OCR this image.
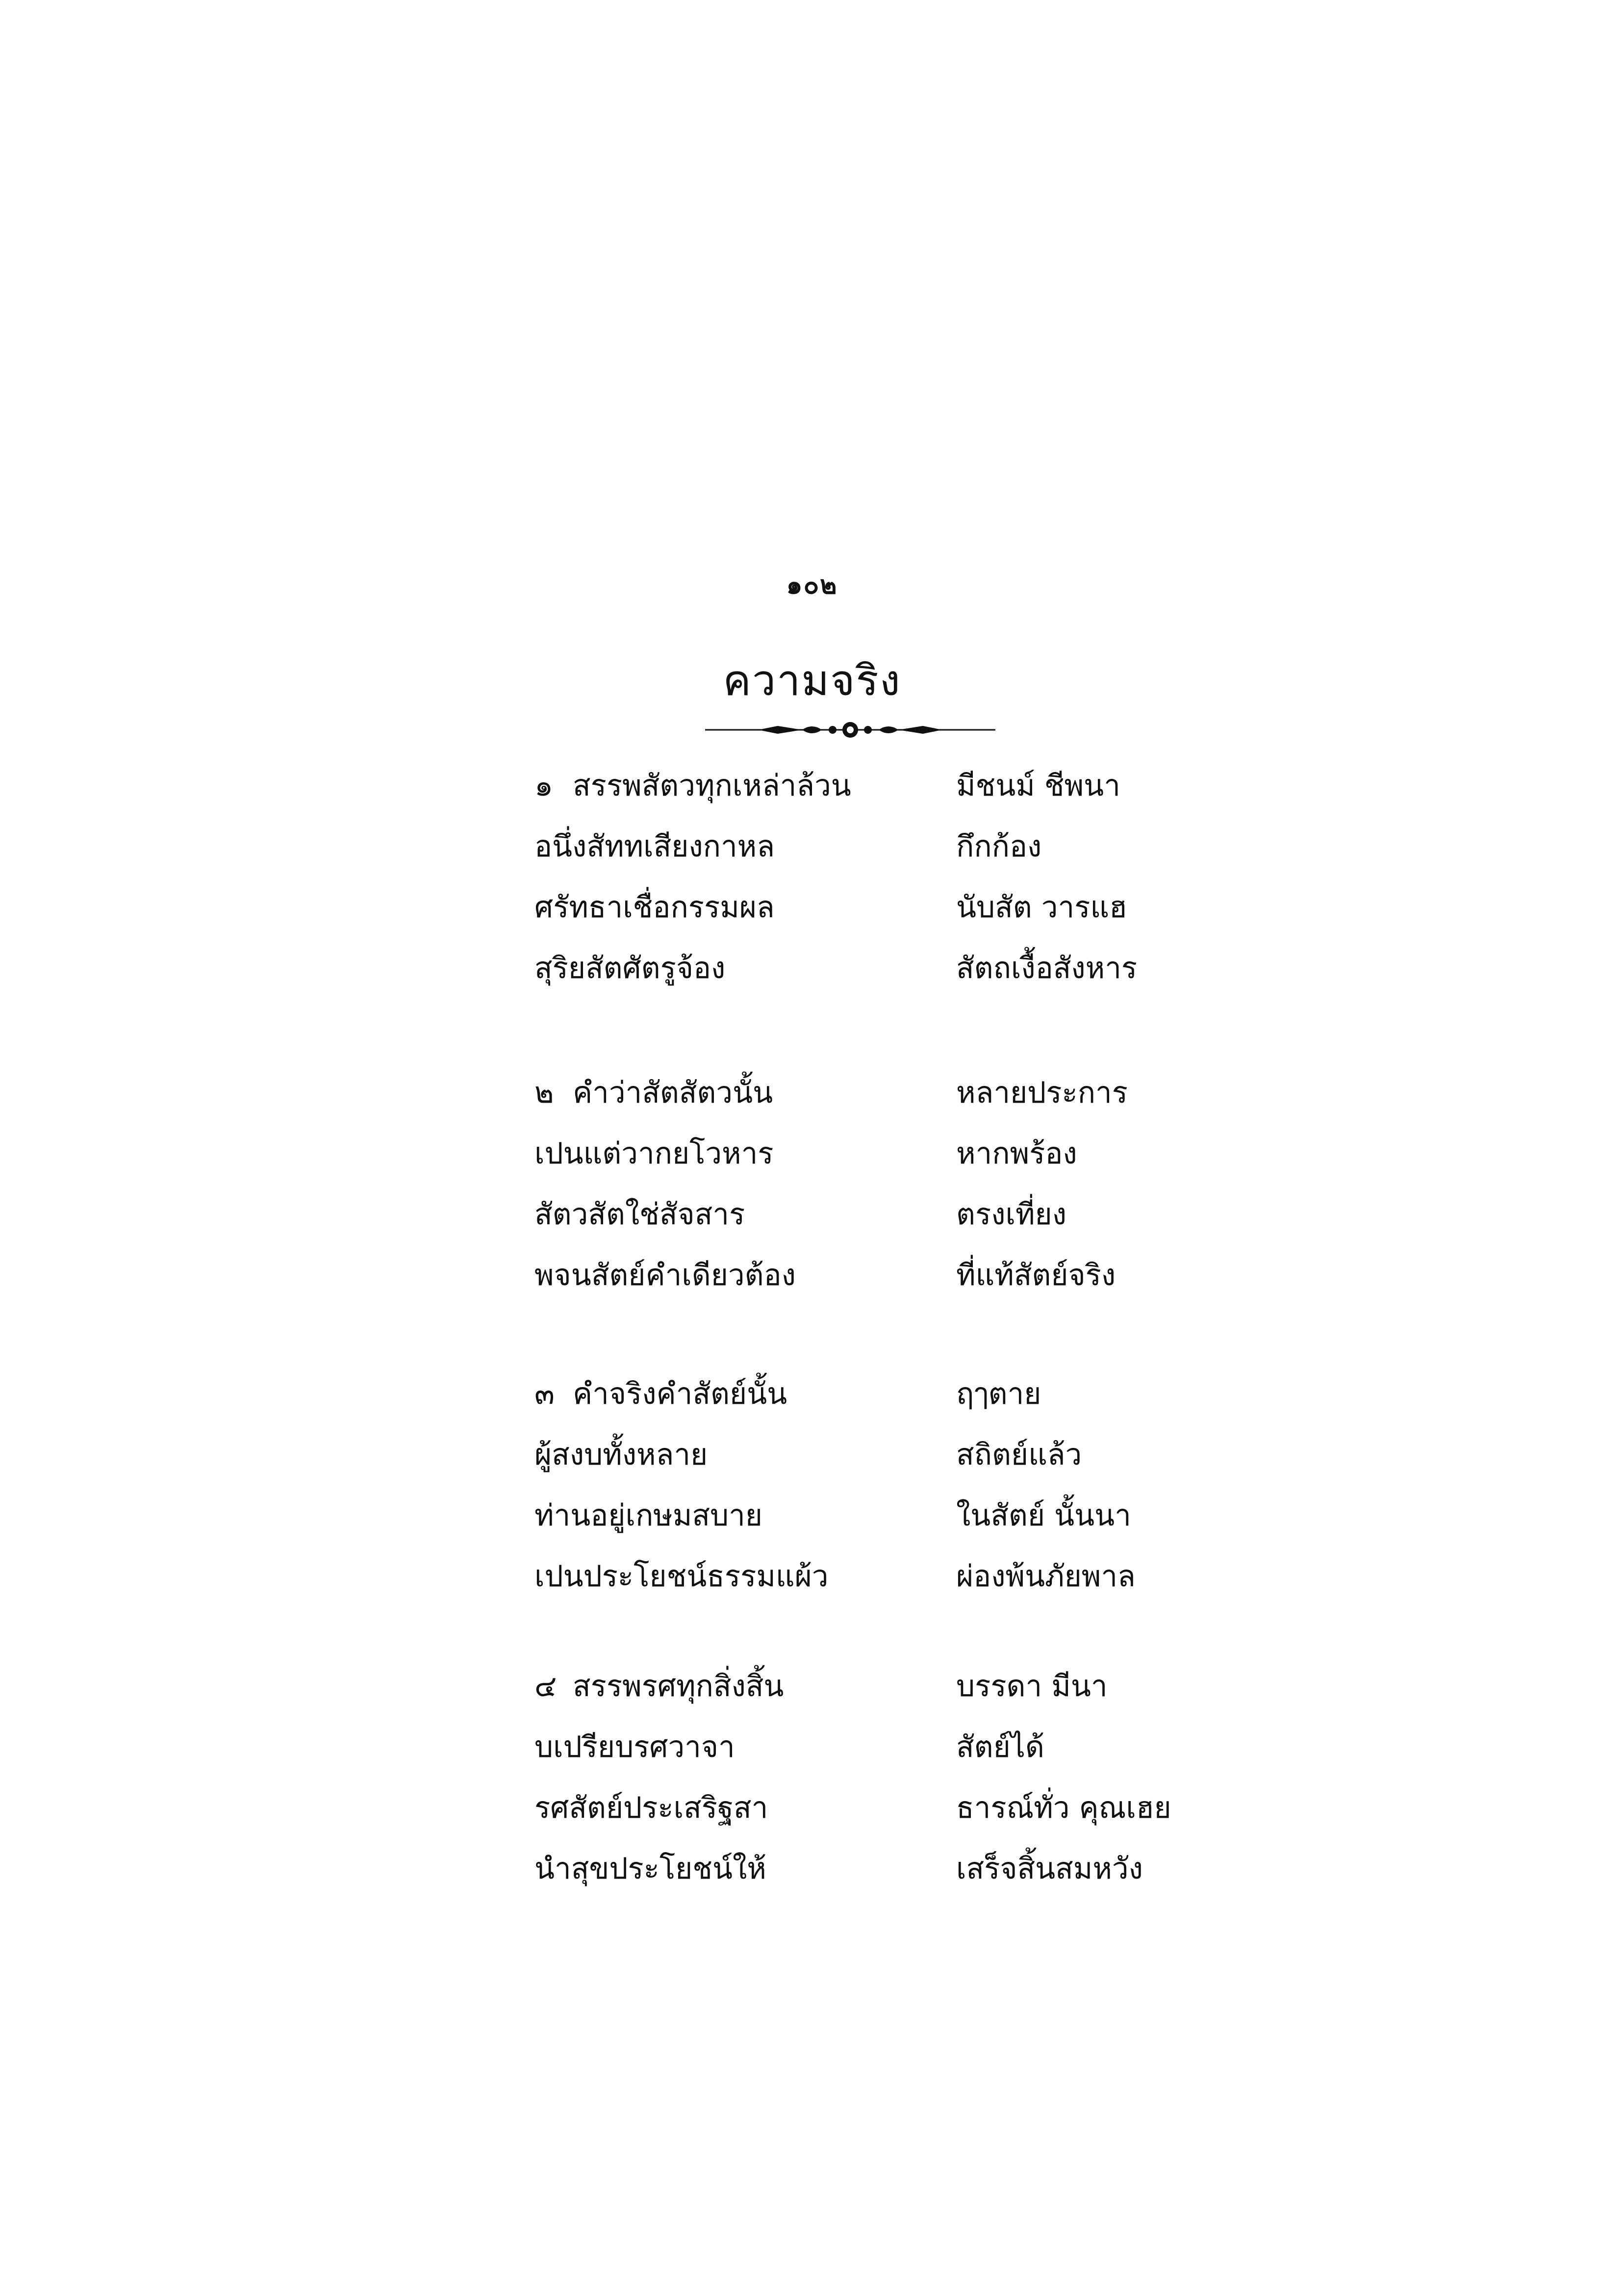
๑๐๒
ความจริง
๑ สรรพสัตวทุกเหล่าล้วน	มีชนม์ ชีพนา
อนึ่งสัททเสียงกาหล	กึกก้อง
ศรัทธาเชื่อกรรมผล	นับสัต วารแฮ
สุริยสัตศัตรูจ้อง	สัตถเงื้อสังหาร
๒ คำว่าสัตสัตวนั้น	หลายประการ
เปนแต่วากยโวหาร	หากพร้อง
สัตวสัตใช่สัจสาร	ตรงเที่ยง
พจนสัตย์คำเดียวต้อง	ที่แท้สัตย์จริง
๓ คำจริงคำสัตย์นั้น	ฤๅตาย
ผู้สงบทั้งหลาย	สถิตย์แล้ว
ท่านอยู่เกษมสบาย	ในสัตย์ นั้นนา
เปนประโยชน์ธรรมแผ้ว	ผ่องพ้นภัยพาล
๔ สรรพรศทุกสิ่งสิ้น	บรรดา มีนา
บเปรียบรศวาจา	สัตย์ได้
รศสัตย์ประเสริฐสา	ธารณ์ทั่ว คุณเฮย
นำสุขประโยชน์ให้	เสร็จสิ้นสมหวัง
